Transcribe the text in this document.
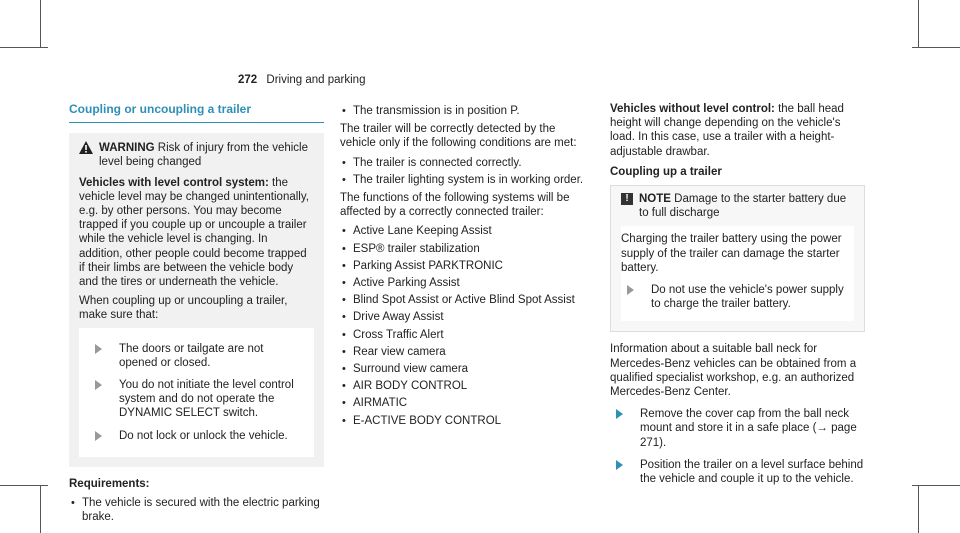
272 Driving and parking
Coupling or uncoupling a trailer
WARNING Risk of injury from the vehicle level being changed

Vehicles with level control system: the vehicle level may be changed unintentionally, e.g. by other persons. You may become trapped if you couple up or uncouple a trailer while the vehicle level is changing. In addition, other people could become trapped if their limbs are between the vehicle body and the tires or underneath the vehicle.

When coupling up or uncoupling a trailer, make sure that:

The doors or tailgate are not opened or closed.
You do not initiate the level control system and do not operate the DYNAMIC SELECT switch.
Do not lock or unlock the vehicle.

Requirements:

• The vehicle is secured with the electric parking brake.
• The transmission is in position P.

The trailer will be correctly detected by the vehicle only if the following conditions are met:

• The trailer is connected correctly.
• The trailer lighting system is in working order.

The functions of the following systems will be affected by a correctly connected trailer:

• Active Lane Keeping Assist
• ESP® trailer stabilization
• Parking Assist PARKTRONIC
• Active Parking Assist
• Blind Spot Assist or Active Blind Spot Assist
• Drive Away Assist
• Cross Traffic Alert
• Rear view camera
• Surround view camera
• AIR BODY CONTROL
• AIRMATIC
• E-ACTIVE BODY CONTROL

Vehicles without level control: the ball head height will change depending on the vehicle's load. In this case, use a trailer with a height-adjustable drawbar.

Coupling up a trailer

! NOTE Damage to the starter battery due to full discharge

Charging the trailer battery using the power supply of the trailer can damage the starter battery.

Do not use the vehicle's power supply to charge the trailer battery.

Information about a suitable ball neck for Mercedes-Benz vehicles can be obtained from a qualified specialist workshop, e.g. an authorized Mercedes-Benz Center.

Remove the cover cap from the ball neck mount and store it in a safe place (→ page 271).
Position the trailer on a level surface behind the vehicle and couple it up to the vehicle.
